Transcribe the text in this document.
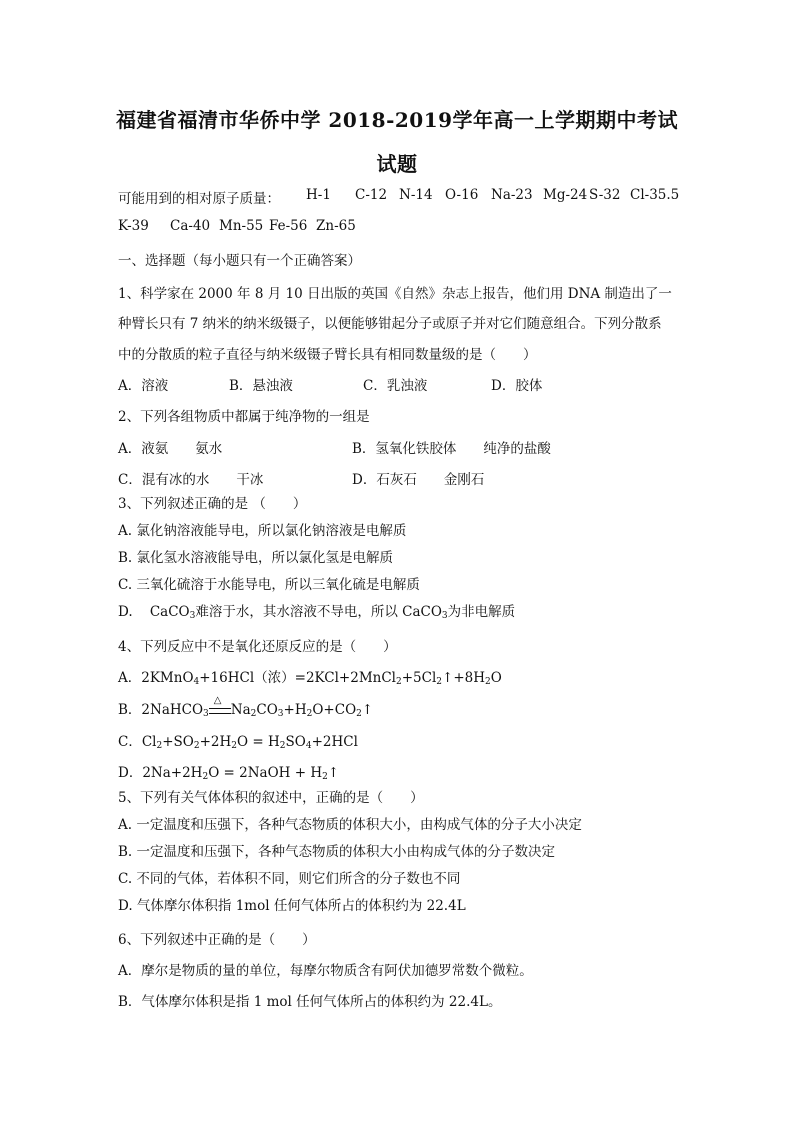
福建省福清市华侨中学 2018-2019学年高一上学期期中考试
试题
可能用到的相对原子质量： H-1 C-12 N-14 O-16 Na-23 Mg-24 S-32 Cl-35.5
K-39 Ca-40 Mn-55 Fe-56 Zn-65
一、选择题（每小题只有一个正确答案）
1、科学家在 2000 年 8 月 10 日出版的英国《自然》杂志上报告，他们用 DNA 制造出了一
种臂长只有 7 纳米的纳米级镊子，以便能够钳起分子或原子并对它们随意组合。下列分散系
中的分散质的粒子直径与纳米级镊子臂长具有相同数量级的是（　　）
A．溶液	B．悬浊液	C．乳浊液	D．胶体
2、下列各组物质中都属于纯净物的一组是
A．液氨　　氨水	B．氢氧化铁胶体　　纯净的盐酸
C．混有冰的水　　干冰	D．石灰石　　金刚石
3、下列叙述正确的是 （　　）
A. 氯化钠溶液能导电，所以氯化钠溶液是电解质
B. 氯化氢水溶液能导电，所以氯化氢是电解质
C. 三氧化硫溶于水能导电，所以三氧化硫是电解质
D. CaCO$_3$难溶于水，其水溶液不导电，所以 CaCO$_3$为非电解质
4、下列反应中不是氧化还原反应的是（　　）
A．2KMnO$_4$+16HCl（浓）$=2KCl+2MnCl_2+5Cl_2↑+8H_2O$
B．2NaHCO$_3$△ $Na_2CO_3+H_2O+CO_2↑$
C．$Cl_2+SO_2+2H_2O = H_2SO_4+2HCl$
D．$2Na+2H_2O$ = 2NaOH + $H_2↑$
5、下列有关气体体积的叙述中，正确的是（　　）
A. 一定温度和压强下，各种气态物质的体积大小，由构成气体的分子大小决定
B. 一定温度和压强下，各种气态物质的体积大小由构成气体的分子数决定
C. 不同的气体，若体积不同，则它们所含的分子数也不同
D. 气体摩尔体积指 1mol 任何气体所占的体积约为 22.4L
6、下列叙述中正确的是（　　）
A．摩尔是物质的量的单位，每摩尔物质含有阿伏加德罗常数个微粒。
B．气体摩尔体积是指 1 mol 任何气体所占的体积约为 22.4L。
